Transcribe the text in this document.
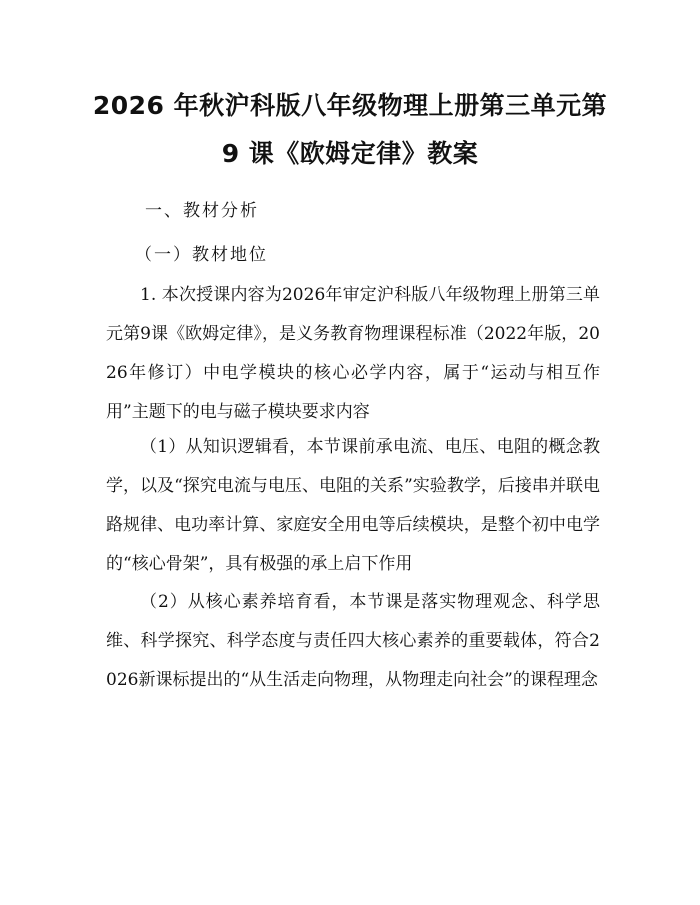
2026 年秋沪科版八年级物理上册第三单元第
9 课《欧姆定律》教案

一、教材分析

（一）教材地位

1. 本次授课内容为2026年审定沪科版八年级物理上册第三单元第9课《欧姆定律》，是义务教育物理课程标准（2022年版，2026年修订）中电学模块的核心必学内容，属于“运动与相互作用”主题下的电与磁子模块要求内容

（1）从知识逻辑看，本节课前承电流、电压、电阻的概念教学，以及“探究电流与电压、电阻的关系”实验教学，后接串并联电路规律、电功率计算、家庭安全用电等后续模块，是整个初中电学的“核心骨架”，具有极强的承上启下作用

（2）从核心素养培育看，本节课是落实物理观念、科学思维、科学探究、科学态度与责任四大核心素养的重要载体，符合2026新课标提出的“从生活走向物理，从物理走向社会”的课程理念
